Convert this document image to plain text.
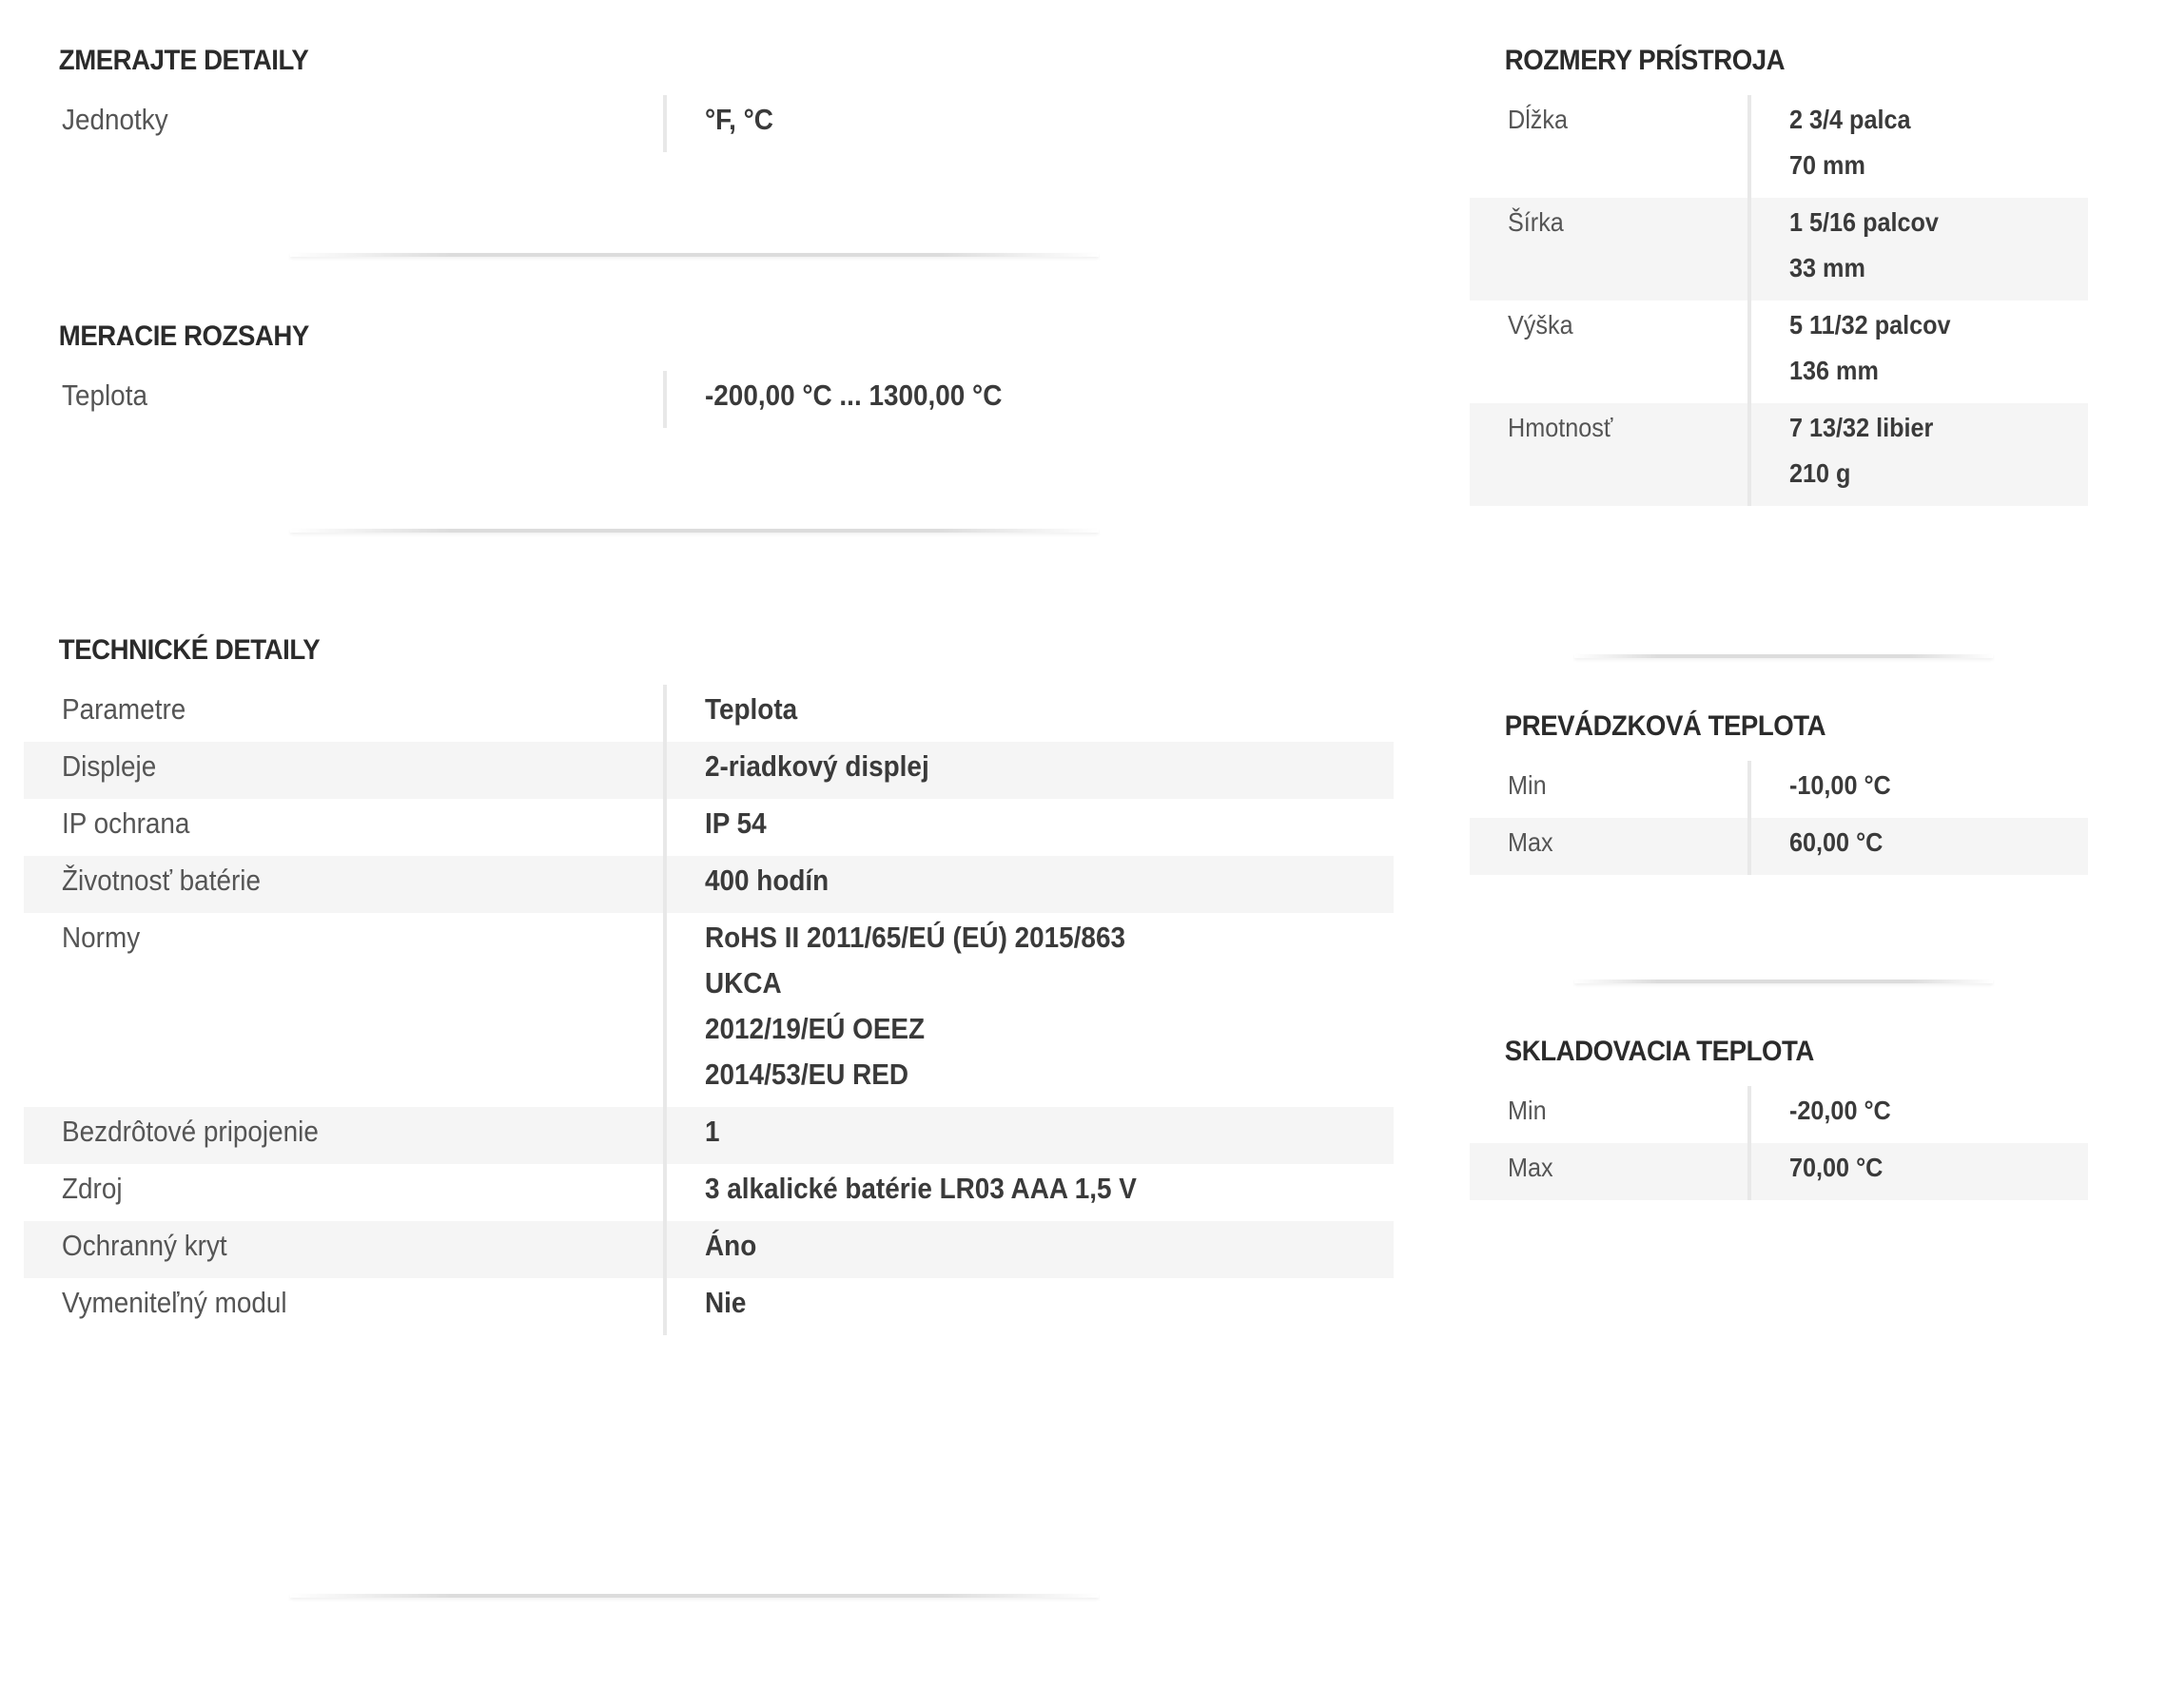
ZMERAJTE DETAILY
Jednotky	°F, °C
MERACIE ROZSAHY
Teplota	-200,00 °C ... 1300,00 °C
TECHNICKÉ DETAILY
Parametre	Teplota
Displeje	2-riadkový displej
IP ochrana	IP 54
Životnosť batérie	400 hodín
Normy	RoHS II 2011/65/EÚ (EÚ) 2015/863
UKCA
2012/19/EÚ OEEZ
2014/53/EU RED

Bezdrôtové pripojenie	1
Zdroj	3 alkalické batérie LR03 AAA 1,5 V
Ochranný kryt	Áno
Vymeniteľný modul	Nie
ROZMERY PRÍSTROJA
Dĺžka	2 3/4 palca
70 mm

Šírka	1 5/16 palcov
33 mm

Výška	5 11/32 palcov
136 mm

Hmotnosť	7 13/32 libier
210 g
PREVÁDZKOVÁ TEPLOTA
Min	-10,00 °C
Max	60,00 °C
SKLADOVACIA TEPLOTA
Min	-20,00 °C
Max	70,00 °C
